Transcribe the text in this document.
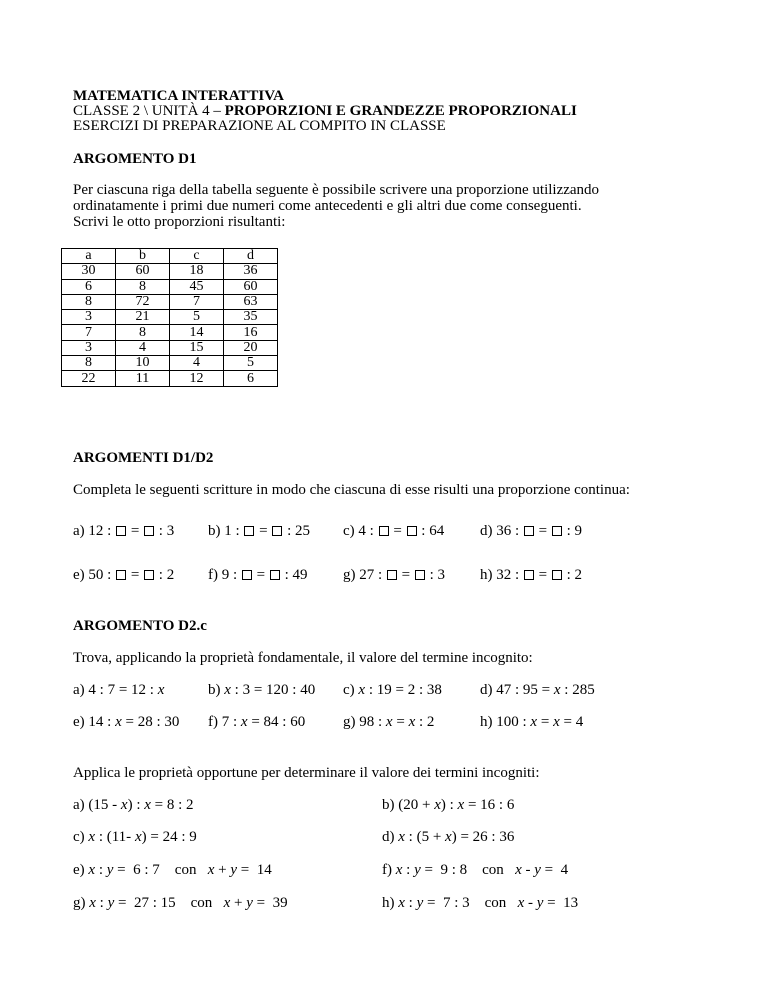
MATEMATICA INTERATTIVA
CLASSE 2 \ UNITÀ 4 – PROPORZIONI E GRANDEZZE PROPORZIONALI
ESERCIZI DI PREPARAZIONE AL COMPITO IN CLASSE
ARGOMENTO D1
Per ciascuna riga della tabella seguente è possibile scrivere una proporzione utilizzando
ordinatamente i primi due numeri come antecedenti e gli altri due come conseguenti.
Scrivi le otto proporzioni risultanti:
a	b	c	d
30	60	18	36
6	8	45	60
8	72	7	63
3	21	5	35
7	8	14	16
3	4	15	20
8	10	4	5
22	11	12	6
ARGOMENTI D1/D2
Completa le seguenti scritture in modo che ciascuna di esse risulti una proporzione continua:
a) 12 :  =  : 3 b) 1 :  =  : 25 c) 4 :  =  : 64 d) 36 :  =  : 9
e) 50 :  =  : 2 f) 9 :  =  : 49 g) 27 :  =  : 3 h) 32 :  =  : 2
ARGOMENTO D2.c
Trova, applicando la proprietà fondamentale, il valore del termine incognito:
a) 4 : 7 = 12 : x	b) x : 3 = 120 : 40 c) x : 19 = 2 : 38	d) 47 : 95 = x : 285
e) 14 : x = 28 : 30 f) 7 : x = 84 : 60	g) 98 : x = x : 2	h) 100 : x = x = 4
Applica le proprietà opportune per determinare il valore dei termini incogniti:
a) (15 - x) : x = 8 : 2	b) (20 + x) : x = 16 : 6
c) x : (11- x) = 24 : 9	d) x : (5 + x) = 26 : 36
e) x : y =  6 : 7    con   x + y =  14	f) x : y =  9 : 8    con   x - y =  4
g) x : y =  27 : 15    con   x + y =  39	h) x : y =  7 : 3    con   x - y =  13
